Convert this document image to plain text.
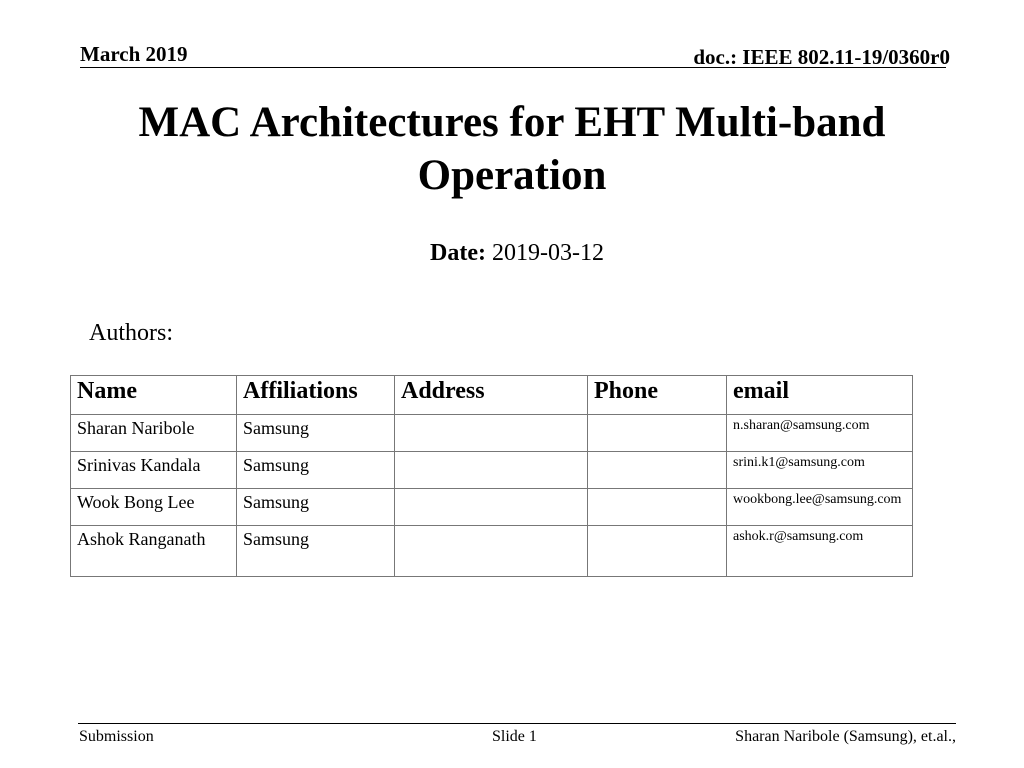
March 2019	doc.: IEEE 802.11-19/0360r0
MAC Architectures for EHT Multi-band Operation
Date: 2019-03-12
Authors:
Name	Affiliations	Address	Phone	email
Sharan Naribole	Samsung			n.sharan@samsung.com
Srinivas Kandala	Samsung			srini.k1@samsung.com
Wook Bong Lee	Samsung			wookbong.lee@samsung.com
Ashok Ranganath	Samsung			ashok.r@samsung.com
Submission	Slide 1	Sharan Naribole (Samsung), et.al.,
